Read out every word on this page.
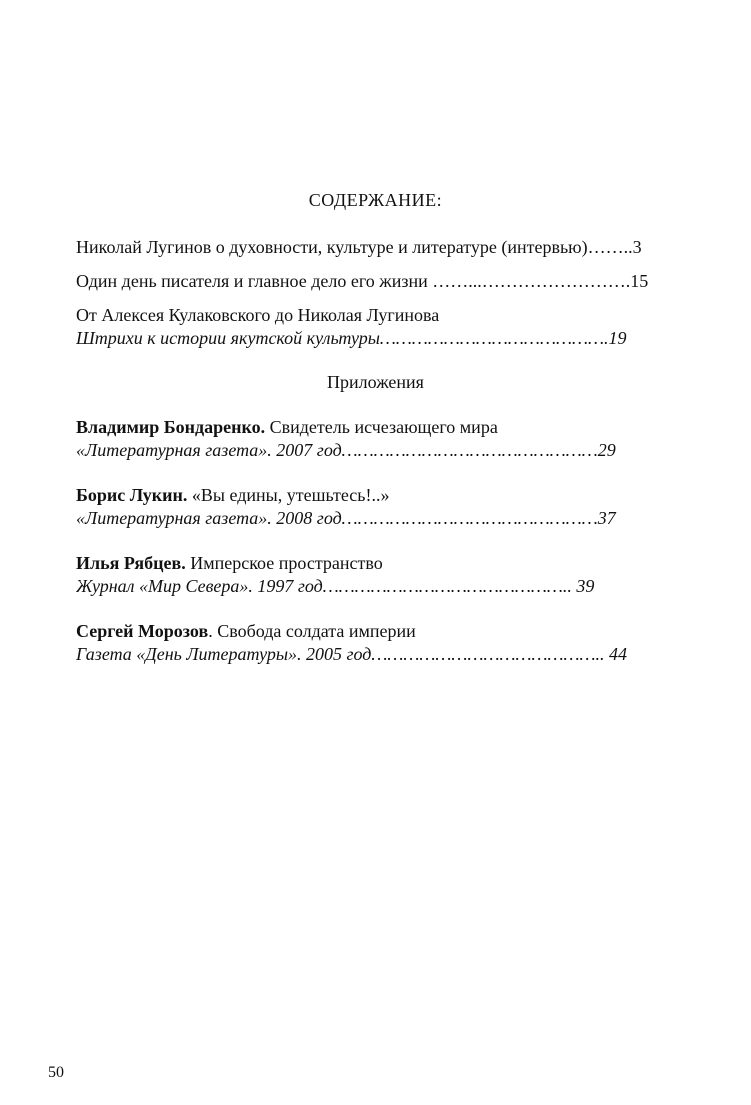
СОДЕРЖАНИЕ:
Николай Лугинов о духовности, культуре и литературе (интервью)……..3
Один день писателя и главное дело его жизни ……...…………………….15
От Алексея Кулаковского до Николая Лугинова
Штрихи к истории якутской культуры…………………………………….19
Приложения
Владимир Бондаренко. Свидетель исчезающего мира
«Литературная газета». 2007 год…………………………………………29
Борис Лукин. «Вы едины, утешьтесь!..»
«Литературная газета». 2008 год…………………………………………37
Илья Рябцев. Имперское пространство
Журнал «Мир Севера». 1997 год……………………………………….. 39
Сергей Морозов. Свобода солдата империи
Газета «День Литературы». 2005 год…………………………………….. 44
50
